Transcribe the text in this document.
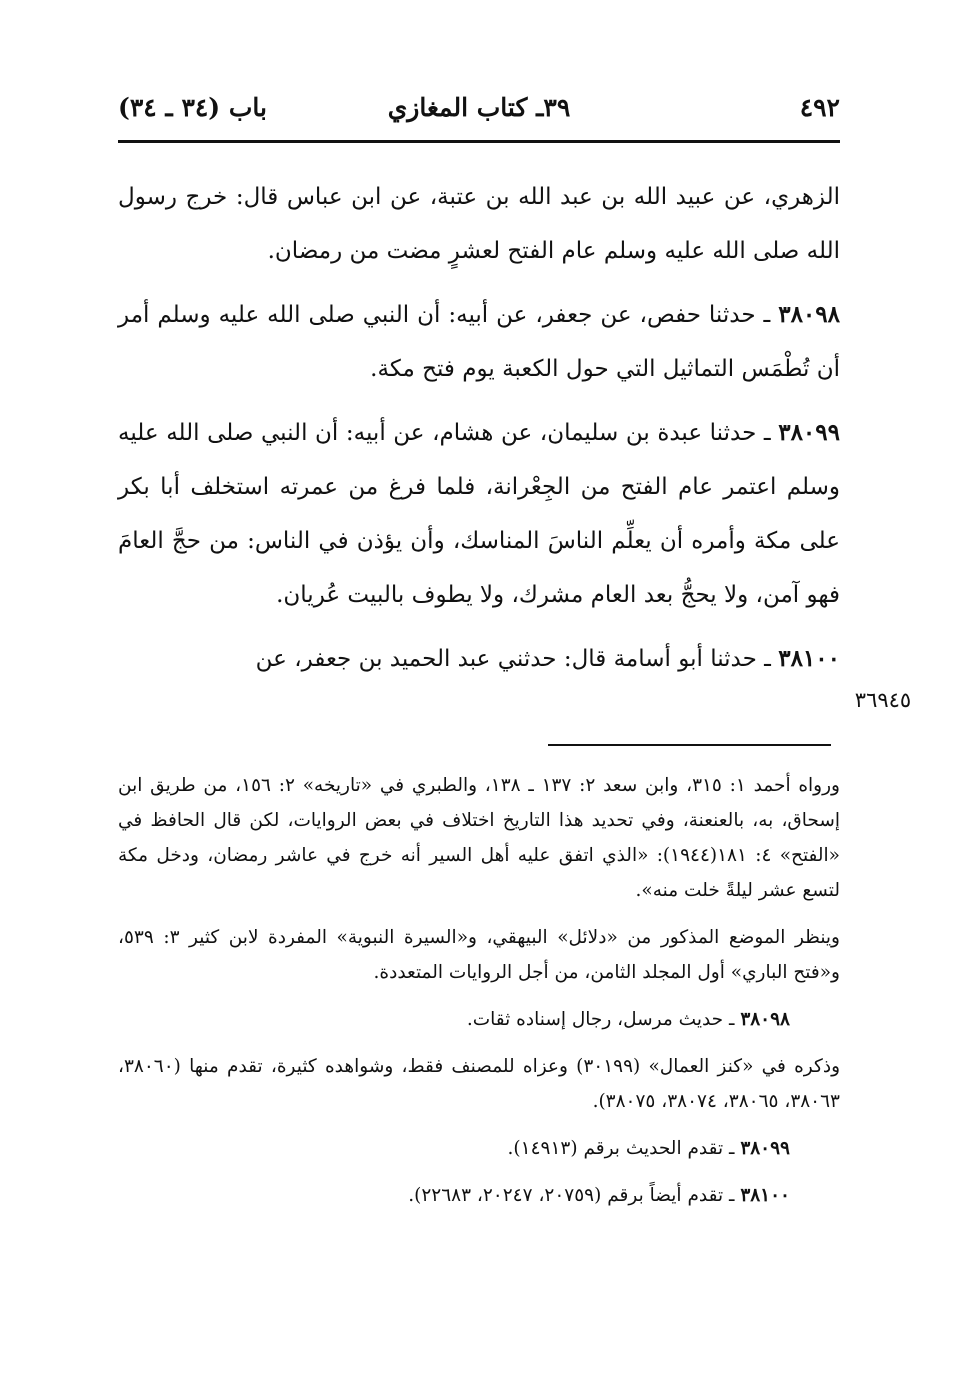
٤٩٢
٣٩ـ كتاب المغازي
باب (٣٤ ـ ٣٤)

الزهري، عن عبيد الله بن عبد الله بن عتبة، عن ابن عباس قال: خرج رسول الله صلى الله عليه وسلم عام الفتح لعشرٍ مضت من رمضان.

٣٨٠٩٨ ـ حدثنا حفص، عن جعفر، عن أبيه: أن النبي صلى الله عليه وسلم أمر أن تُطْمَس التماثيل التي حول الكعبة يوم فتح مكة.

٣٨٠٩٩ ـ حدثنا عبدة بن سليمان، عن هشام، عن أبيه: أن النبي صلى الله عليه وسلم اعتمر عام الفتح من الجِعْرانة، فلما فرغ من عمرته استخلف أبا بكر على مكة وأمره أن يعلِّم الناسَ المناسك، وأن يؤذن في الناس: من حجَّ العامَ فهو آمن، ولا يحجُّ بعد العام مشرك، ولا يطوف بالبيت عُريان.

٣٨١٠٠ ـ حدثنا أبو أسامة قال: حدثني عبد الحميد بن جعفر، عن

٣٦٩٤٥

ورواه أحمد ١: ٣١٥، وابن سعد ٢: ١٣٧ ـ ١٣٨، والطبري في «تاريخه» ٢: ١٥٦، من طريق ابن إسحاق، به، بالعنعنة، وفي تحديد هذا التاريخ اختلاف في بعض الروايات، لكن قال الحافظ في «الفتح» ٤: ١٨١(١٩٤٤): «الذي اتفق عليه أهل السير أنه خرج في عاشر رمضان، ودخل مكة لتسع عشر ليلةً خلت منه».

وينظر الموضع المذكور من «دلائل» البيهقي، و«السيرة النبوية» المفردة لابن كثير ٣: ٥٣٩، و«فتح الباري» أول المجلد الثامن، من أجل الروايات المتعددة.

٣٨٠٩٨ ـ حديث مرسل، رجال إسناده ثقات.

وذكره في «كنز العمال» (٣٠١٩٩) وعزاه للمصنف فقط، وشواهده كثيرة، تقدم منها (٣٨٠٦٠، ٣٨٠٦٣، ٣٨٠٦٥، ٣٨٠٧٤، ٣٨٠٧٥).

٣٨٠٩٩ ـ تقدم الحديث برقم (١٤٩١٣).

٣٨١٠٠ ـ تقدم أيضاً برقم (٢٠٧٥٩، ٢٠٢٤٧، ٢٢٦٨٣).
